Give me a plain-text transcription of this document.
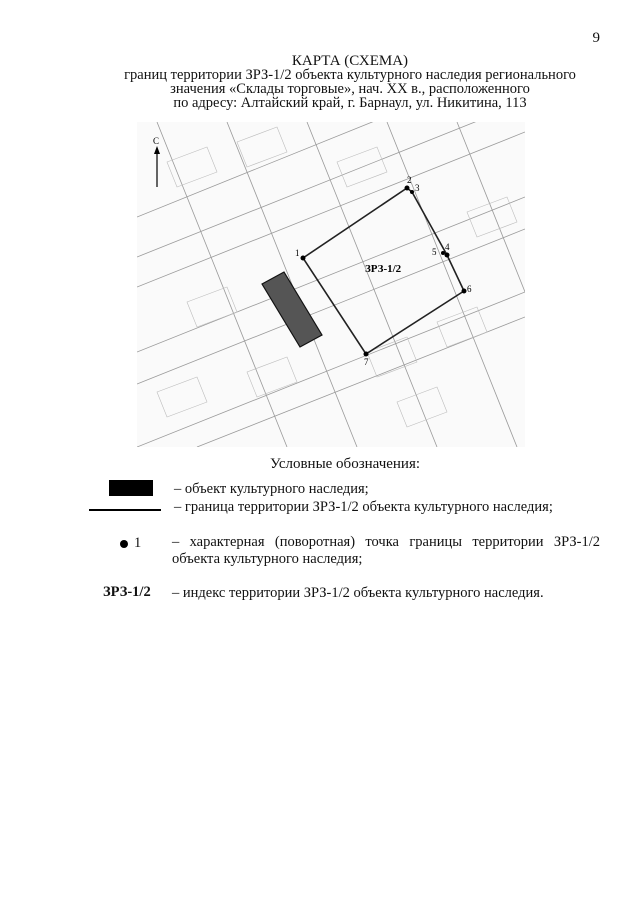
9
КАРТА (СХЕМА)
границ территории ЗРЗ-1/2 объекта культурного наследия регионального
значения «Склады торговые», нач. XX в., расположенного
по адресу: Алтайский край, г. Барнаул, ул. Никитина, 113
1
2
3
4
5
6
7
ЗРЗ-1/2
С
Условные обозначения:
– объект культурного наследия;
– граница территории ЗРЗ-1/2 объекта культурного наследия;
1 – характерная (поворотная) точка границы территории ЗРЗ-1/2 объекта культурного наследия;
ЗРЗ-1/2 – индекс территории ЗРЗ-1/2 объекта культурного наследия.
